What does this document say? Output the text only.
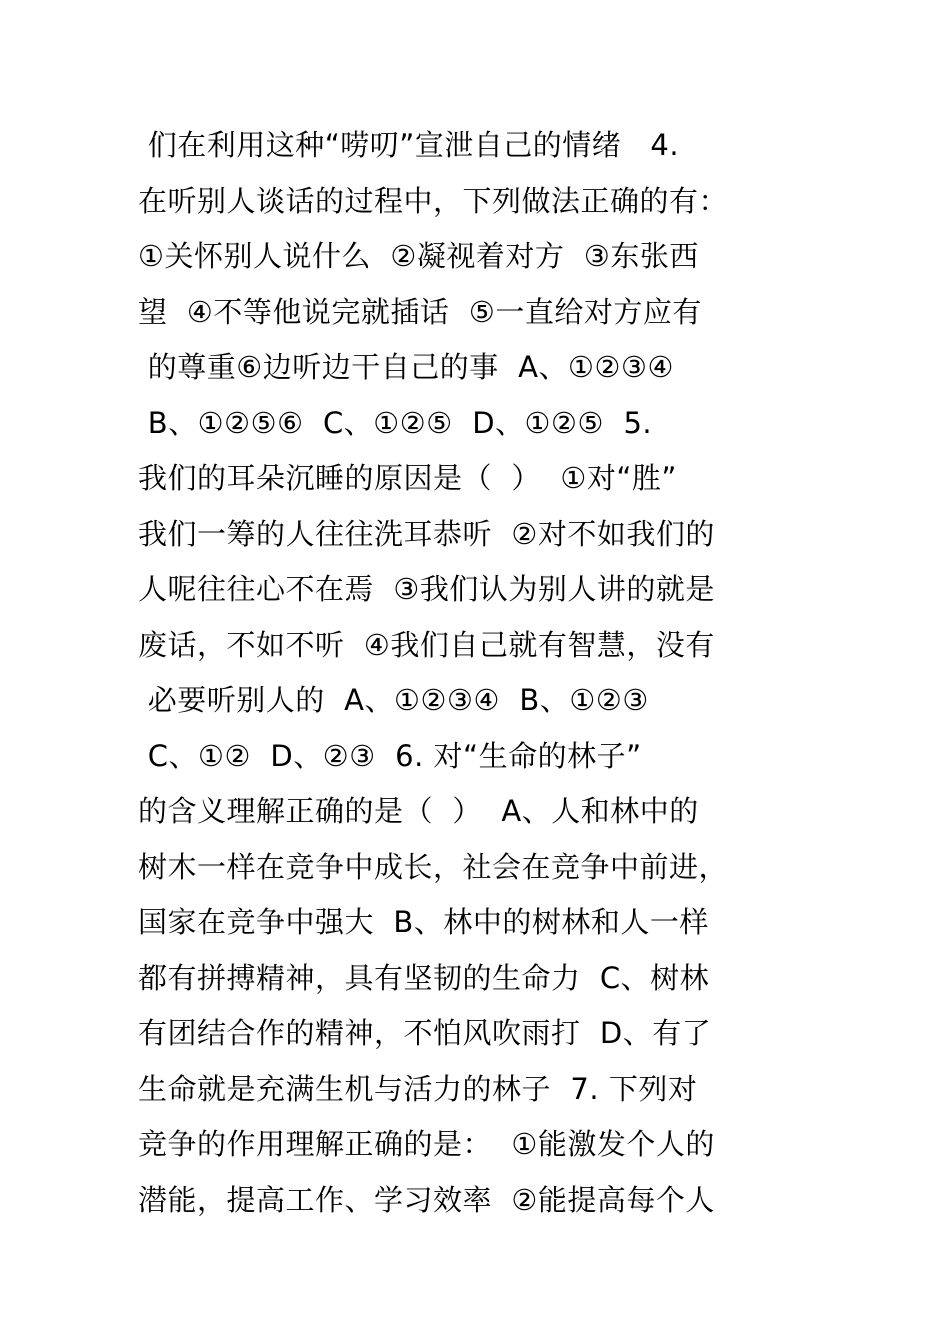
们在利用这种“唠叨”宣泄自己的情绪   4.
在听别人谈话的过程中，下列做法正确的有：
①关怀别人说什么  ②凝视着对方  ③东张西
望  ④不等他说完就插话  ⑤一直给对方应有
的尊重⑥边听边干自己的事  A、①②③④
B、①②⑤⑥  C、①②⑤  D、①②⑤  5.
我们的耳朵沉睡的原因是（  ）  ①对“胜”
我们一筹的人往往洗耳恭听  ②对不如我们的
人呢往往心不在焉  ③我们认为别人讲的就是
废话，不如不听  ④我们自己就有智慧，没有
必要听别人的  A、①②③④  B、①②③
C、①②  D、②③  6. 对“生命的林子”
的含义理解正确的是（  ）  A、人和林中的
树木一样在竞争中成长，社会在竞争中前进，
国家在竞争中强大  B、林中的树林和人一样
都有拼搏精神，具有坚韧的生命力  C、树林
有团结合作的精神，不怕风吹雨打  D、有了
生命就是充满生机与活力的林子  7. 下列对
竞争的作用理解正确的是：  ①能激发个人的
潜能，提高工作、学习效率  ②能提高每个人
